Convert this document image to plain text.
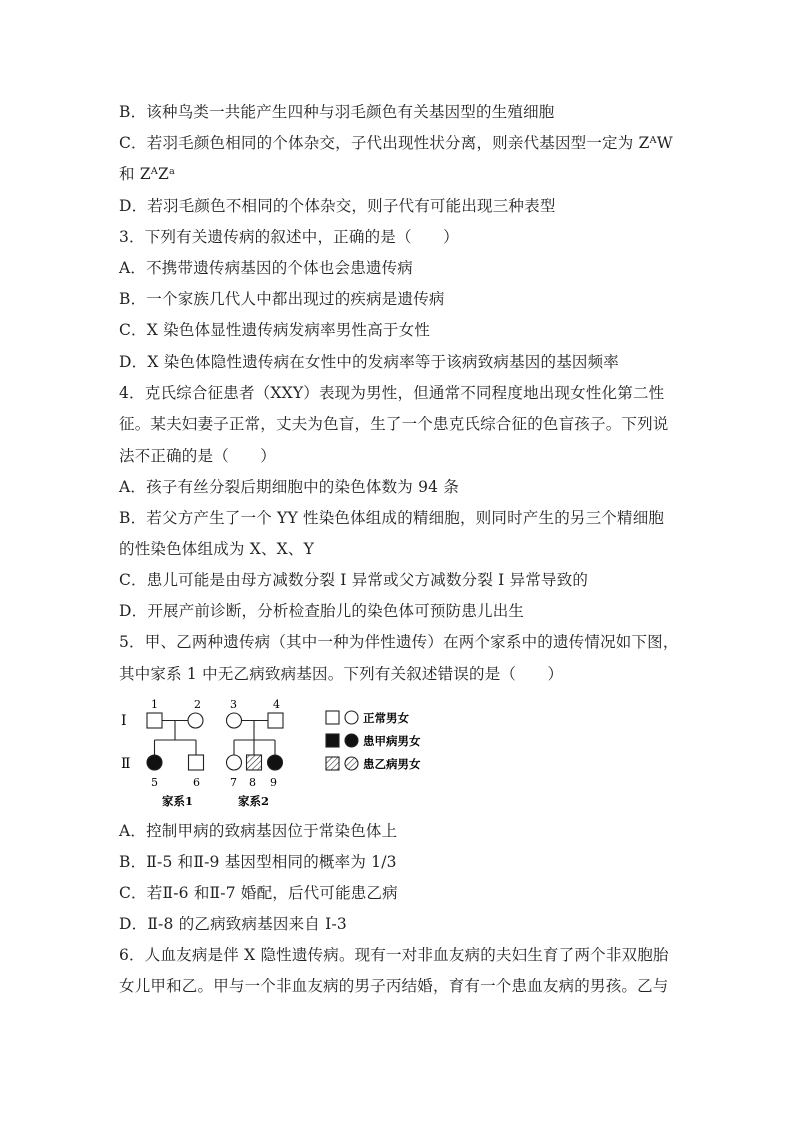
B．该种鸟类一共能产生四种与羽毛颜色有关基因型的生殖细胞
C．若羽毛颜色相同的个体杂交，子代出现性状分离，则亲代基因型一定为 ZᴬW
和 ZᴬZᵃ
D．若羽毛颜色不相同的个体杂交，则子代有可能出现三种表型
3．下列有关遗传病的叙述中，正确的是（　　）
A．不携带遗传病基因的个体也会患遗传病
B．一个家族几代人中都出现过的疾病是遗传病
C．X 染色体显性遗传病发病率男性高于女性
D．X 染色体隐性遗传病在女性中的发病率等于该病致病基因的基因频率
4．克氏综合征患者（XXY）表现为男性，但通常不同程度地出现女性化第二性
征。某夫妇妻子正常，丈夫为色盲，生了一个患克氏综合征的色盲孩子。下列说
法不正确的是（　　）
A．孩子有丝分裂后期细胞中的染色体数为 94 条
B．若父方产生了一个 YY 性染色体组成的精细胞，则同时产生的另三个精细胞
的性染色体组成为 X、X、Y
C．患儿可能是由母方减数分裂 I 异常或父方减数分裂 I 异常导致的
D．开展产前诊断，分析检查胎儿的染色体可预防患儿出生
5．甲、乙两种遗传病（其中一种为伴性遗传）在两个家系中的遗传情况如下图，
其中家系 1 中无乙病致病基因。下列有关叙述错误的是（　　）
I
Ⅱ
1	2	3	4
5	6	7 8 9
家系1	家系2
正常男女
患甲病男女
患乙病男女
A．控制甲病的致病基因位于常染色体上
B．Ⅱ-5 和Ⅱ-9 基因型相同的概率为 1/3
C．若Ⅱ-6 和Ⅱ-7 婚配，后代可能患乙病
D．Ⅱ-8 的乙病致病基因来自 I-3
6．人血友病是伴 X 隐性遗传病。现有一对非血友病的夫妇生育了两个非双胞胎
女儿甲和乙。甲与一个非血友病的男子丙结婚，育有一个患血友病的男孩。乙与
